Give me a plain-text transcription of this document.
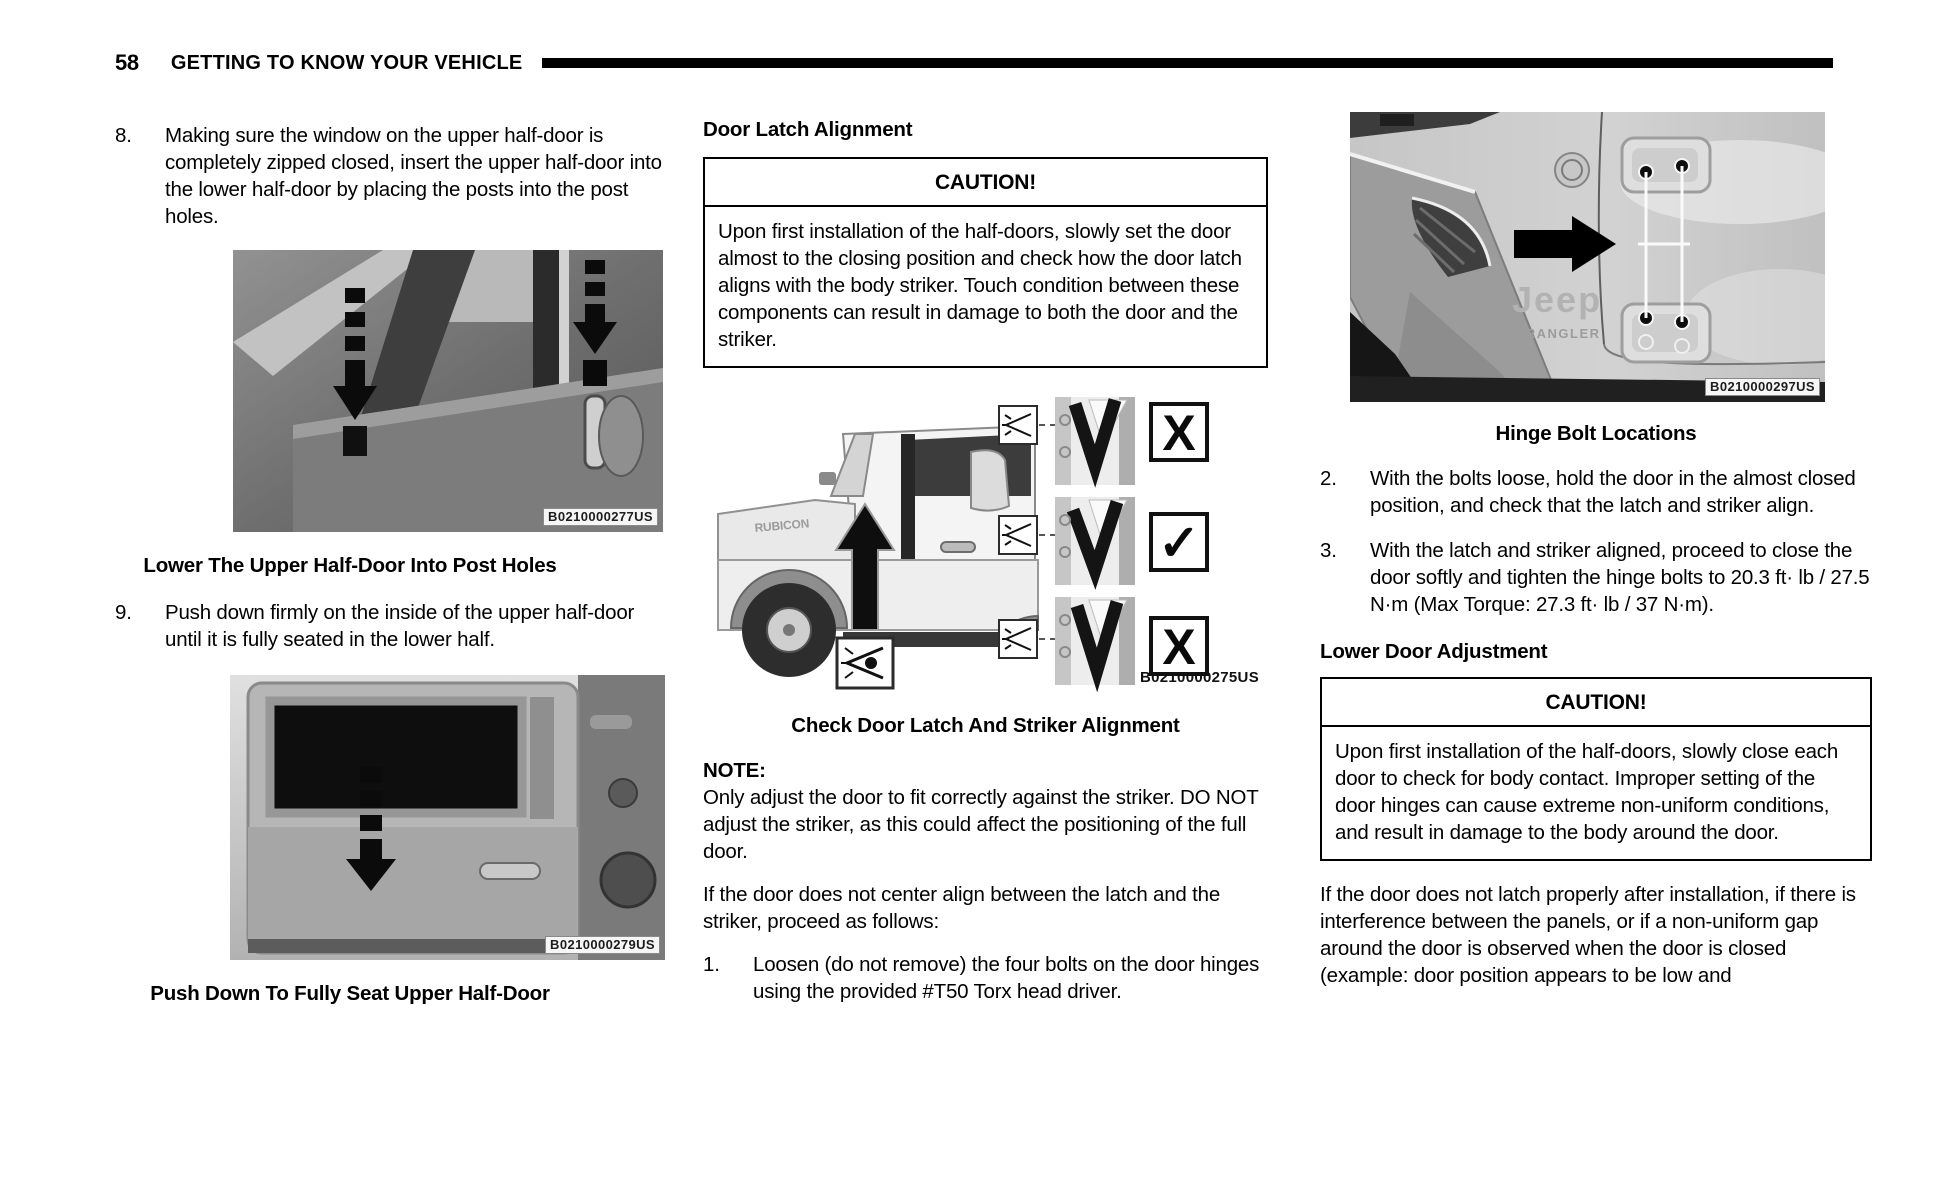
58 GETTING TO KNOW YOUR VEHICLE
8.	Making sure the window on the upper half-door is completely zipped closed, insert the upper half-door into the lower half-door by placing the posts into the post holes.
B0210000277US
Lower The Upper Half-Door Into Post Holes
9.	Push down firmly on the inside of the upper half-door until it is fully seated in the lower half.
B0210000279US
Push Down To Fully Seat Upper Half-Door
Door Latch Alignment
CAUTION!
Upon first installation of the half-doors, slowly set the door almost to the closing position and check how the door latch aligns with the body striker. Touch condition between these components can result in damage to both the door and the striker.
RUBICON
X
✓
X
B0210000275US
Check Door Latch And Striker Alignment
NOTE:
Only adjust the door to fit correctly against the striker. DO NOT adjust the striker, as this could affect the positioning of the full door.
If the door does not center align between the latch and the striker, proceed as follows:
1.	Loosen (do not remove) the four bolts on the door hinges using the provided #T50 Torx head driver.
Jeep
WRANGLER
B0210000297US
Hinge Bolt Locations
2.	With the bolts loose, hold the door in the almost closed position, and check that the latch and striker align.
3.	With the latch and striker aligned, proceed to close the door softly and tighten the hinge bolts to 20.3 ft· lb / 27.5 N·m (Max Torque: 27.3 ft· lb / 37 N·m).
Lower Door Adjustment
CAUTION!
Upon first installation of the half-doors, slowly close each door to check for body contact. Improper setting of the door hinges can cause extreme non-uniform conditions, and result in damage to the body around the door.
If the door does not latch properly after installation, if there is interference between the panels, or if a non-uniform gap around the door is observed when the door is closed (example: door position appears to be low and
